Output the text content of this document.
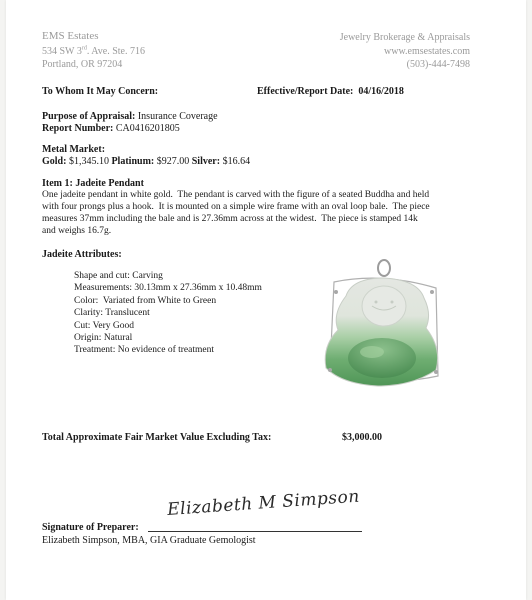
EMS Estates
534 SW 3rd. Ave. Ste. 716
Portland, OR 97204
Jewelry Brokerage & Appraisals
www.emsestates.com
(503)-444-7498
To Whom It May Concern:	Effective/Report Date: 04/16/2018
Purpose of Appraisal: Insurance Coverage
Report Number: CA0416201805
Metal Market:
Gold: $1,345.10 Platinum: $927.00 Silver: $16.64
Item 1: Jadeite Pendant
One jadeite pendant in white gold.  The pendant is carved with the figure of a seated Buddha and held
with four prongs plus a hook.  It is mounted on a simple wire frame with an oval loop bale.  The piece
measures 37mm including the bale and is 27.36mm across at the widest.  The piece is stamped 14k
and weighs 16.7g.
Jadeite Attributes:
Shape and cut: Carving
Measurements: 30.13mm x 27.36mm x 10.48mm
Color:  Variated from White to Green
Clarity: Translucent
Cut: Very Good
Origin: Natural
Treatment: No evidence of treatment
Total Approximate Fair Market Value Excluding Tax:	$3,000.00
Signature of Preparer:
Elizabeth M Simpson
Elizabeth Simpson, MBA, GIA Graduate Gemologist
